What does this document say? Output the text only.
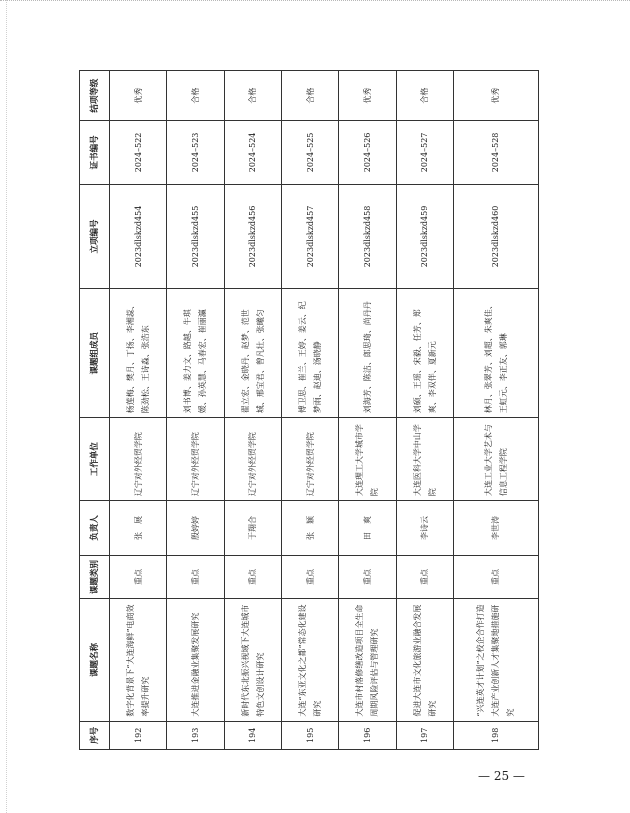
序号	课题名称	课题类别	负责人	工作单位	课题组成员	立项编号	证书编号	结项等级
192	数字化背景下“大连海鲜”电商效率提升研究	重点	张　展	辽宁对外经贸学院	杨莲梅、樊月、丁扬、李湘蕊、陈劲松、王诗淼、张浩东	2023dlskzd454	2024–522	优秀
193	大连推进金融业集聚发展研究	重点	殷婷婷	辽宁对外经贸学院	刘书博、姜力文、路越、牛琪媛、孙英慧、马春宏、崔丽瀛	2023dlskzd455	2024–523	合格
194	新时代东北振兴视域下大连城市特色文创设计研究	重点	于翔合	辽宁对外经贸学院	翟立宏、金晓丹、赵梦、范世城、邢宝君、曾凡壮、张曦匀	2023dlskzd456	2024–524	合格
195	大连“东亚文化之都”常态化建设研究	重点	张　颖	辽宁对外经贸学院	傅卫思、崔兰、王婷、姜云、纪梦雨、赵迪、汤晓静	2023dlskzd457	2024–525	合格
196	大连市村落修缮改造项目全生命周期风险评估与管理研究	重点	田　爽	大连理工大学城市学院	刘海芳、陈洁、郎思琦、尚丹丹	2023dlskzd458	2024–526	优秀
197	促进大连市文化旅游业融合发展研究	重点	李诗云	大连医科大学中山学院	刘硕、王瑶、宋毅、任芳、郑爽、李双伴、夏新元	2023dlskzd459	2024–527	合格
198	“兴连英才计划”之校企合作打造大连产业创新人才集聚地措施研究	重点	李世涛	大连工业大学艺术与信息工程学院	林月、张翠芳、刘超、朱爽佳、王虹元、李正友、郭琳	2023dlskzd460	2024–528	优秀
— 25 —
